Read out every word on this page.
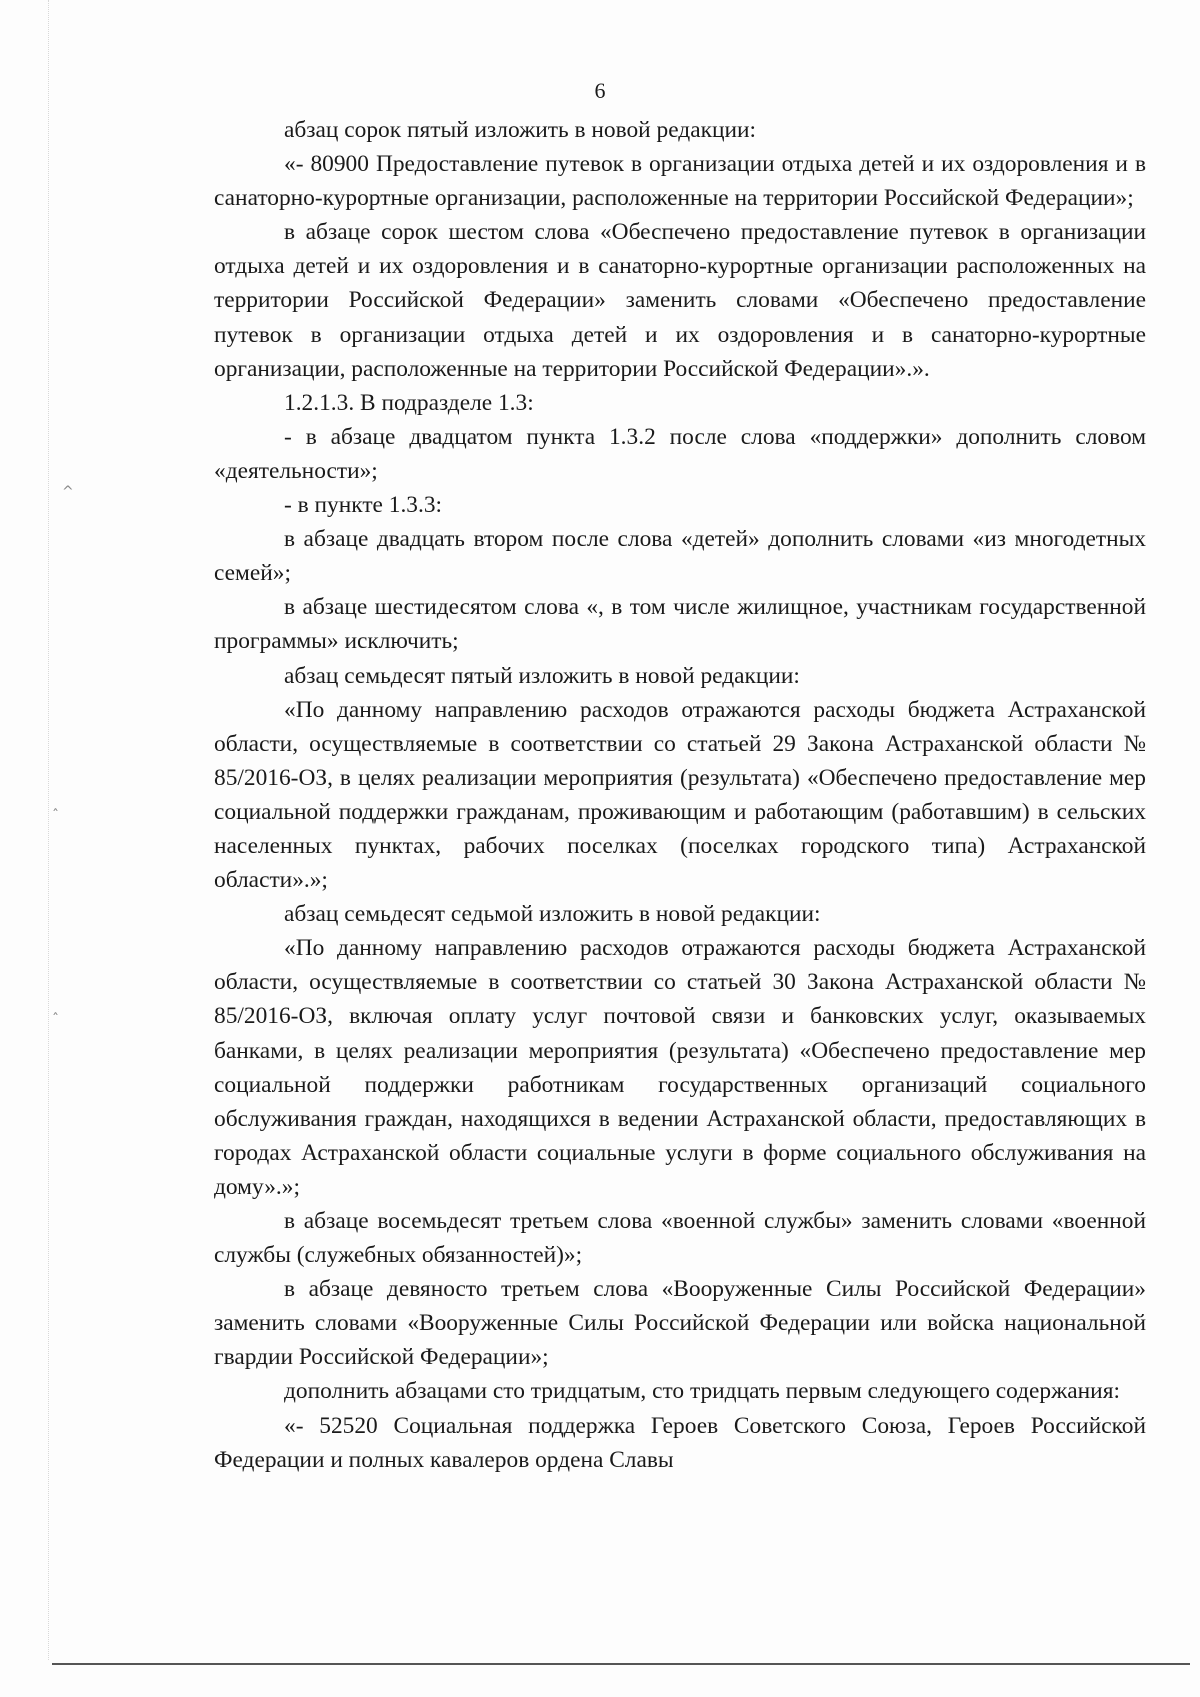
6

абзац сорок пятый изложить в новой редакции:

«- 80900 Предоставление путевок в организации отдыха детей и их оздоровления и в санаторно-курортные организации, расположенные на территории Российской Федерации»;

в абзаце сорок шестом слова «Обеспечено предоставление путевок в организации отдыха детей и их оздоровления и в санаторно-курортные организации расположенных на территории Российской Федерации» заменить словами «Обеспечено предоставление путевок в организации отдыха детей и их оздоровления и в санаторно-курортные организации, расположенные на территории Российской Федерации».».

1.2.1.3. В подразделе 1.3:

- в абзаце двадцатом пункта 1.3.2 после слова «поддержки» дополнить словом «деятельности»;

- в пункте 1.3.3:

в абзаце двадцать втором после слова «детей» дополнить словами «из многодетных семей»;

в абзаце шестидесятом слова «, в том числе жилищное, участникам государственной программы» исключить;

абзац семьдесят пятый изложить в новой редакции:

«По данному направлению расходов отражаются расходы бюджета Астраханской области, осуществляемые в соответствии со статьей 29 Закона Астраханской области № 85/2016-ОЗ, в целях реализации мероприятия (результата) «Обеспечено предоставление мер социальной поддержки гражданам, проживающим и работающим (работавшим) в сельских населенных пунктах, рабочих поселках (поселках городского типа) Астраханской области».»;

абзац семьдесят седьмой изложить в новой редакции:

«По данному направлению расходов отражаются расходы бюджета Астраханской области, осуществляемые в соответствии со статьей 30 Закона Астраханской области № 85/2016-ОЗ, включая оплату услуг почтовой связи и банковских услуг, оказываемых банками, в целях реализации мероприятия (результата) «Обеспечено предоставление мер социальной поддержки работникам государственных организаций социального обслуживания граждан, находящихся в ведении Астраханской области, предоставляющих в городах Астраханской области социальные услуги в форме социального обслуживания на дому».»;

в абзаце восемьдесят третьем слова «военной службы» заменить словами «военной службы (служебных обязанностей)»;

в абзаце девяносто третьем слова «Вооруженные Силы Российской Федерации» заменить словами «Вооруженные Силы Российской Федерации или войска национальной гвардии Российской Федерации»;

дополнить абзацами сто тридцатым, сто тридцать первым следующего содержания:

«- 52520 Социальная поддержка Героев Советского Союза, Героев Российской Федерации и полных кавалеров ордена Славы

^
ˆ
ˆ
